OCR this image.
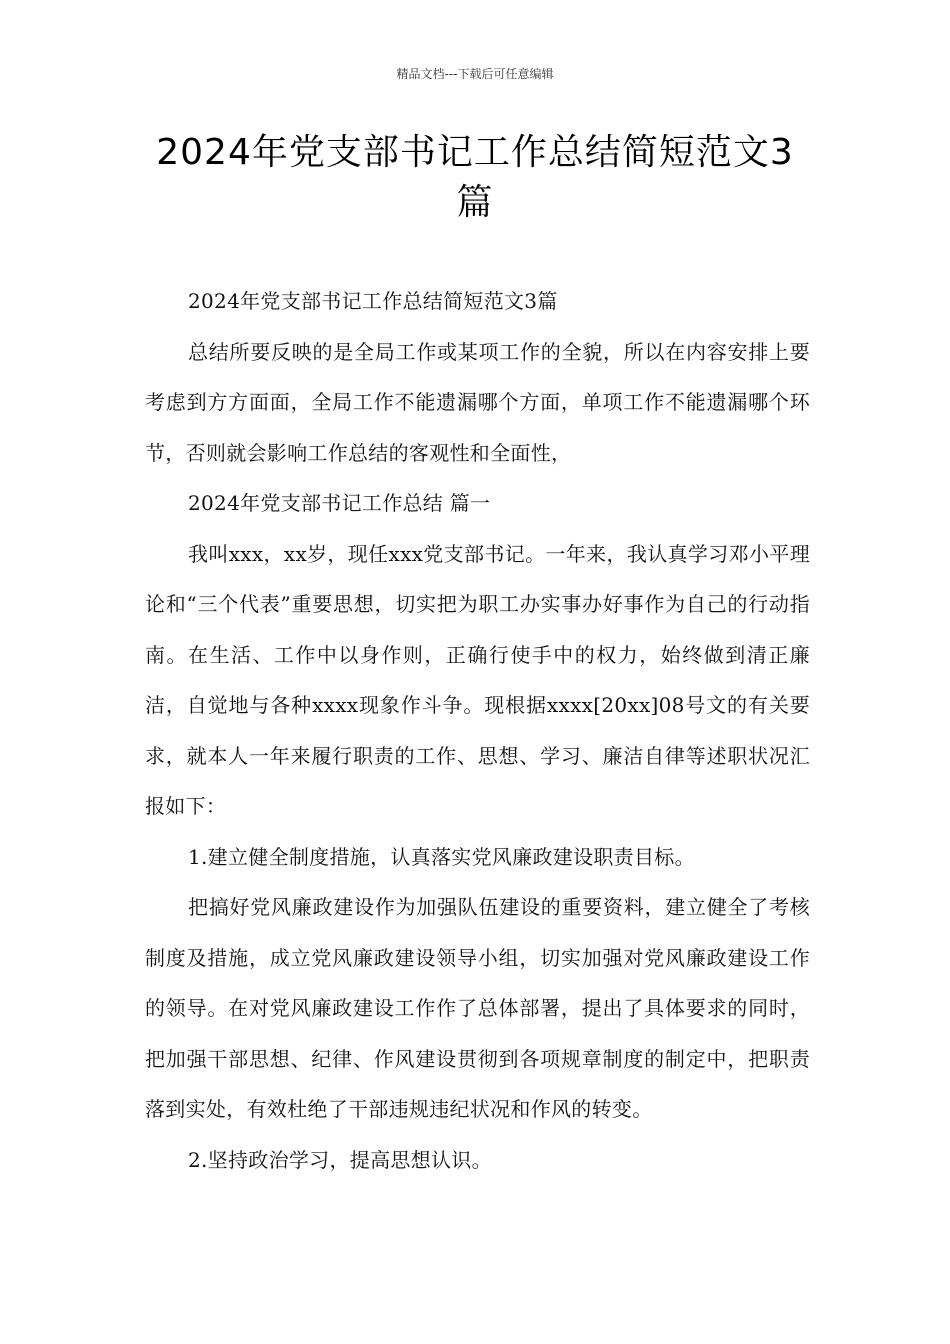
精品文档---下载后可任意编辑
2024年党支部书记工作总结简短范文3篇

2024年党支部书记工作总结简短范文3篇

总结所要反映的是全局工作或某项工作的全貌，所以在内容安排上要考虑到方方面面，全局工作不能遗漏哪个方面，单项工作不能遗漏哪个环节，否则就会影响工作总结的客观性和全面性，

2024年党支部书记工作总结 篇一

我叫xxx，xx岁，现任xxx党支部书记。一年来，我认真学习邓小平理论和“三个代表”重要思想，切实把为职工办实事办好事作为自己的行动指南。在生活、工作中以身作则，正确行使手中的权力，始终做到清正廉洁，自觉地与各种xxxx现象作斗争。现根据xxxx[20xx]08号文的有关要求，就本人一年来履行职责的工作、思想、学习、廉洁自律等述职状况汇报如下：

1.建立健全制度措施，认真落实党风廉政建设职责目标。

把搞好党风廉政建设作为加强队伍建设的重要资料，建立健全了考核制度及措施，成立党风廉政建设领导小组，切实加强对党风廉政建设工作的领导。在对党风廉政建设工作作了总体部署，提出了具体要求的同时，把加强干部思想、纪律、作风建设贯彻到各项规章制度的制定中，把职责落到实处，有效杜绝了干部违规违纪状况和作风的转变。

2.坚持政治学习，提高思想认识。
